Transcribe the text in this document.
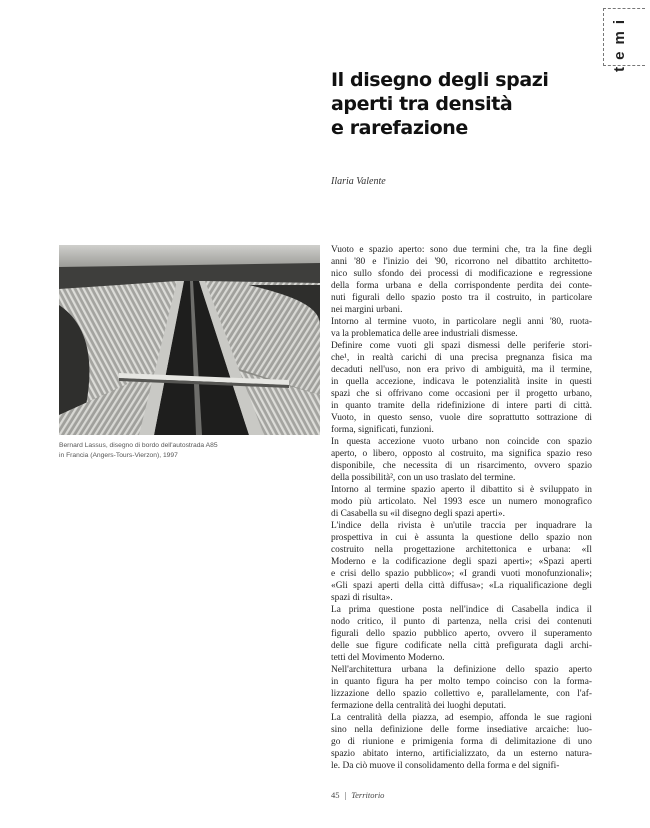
temi
Il disegno degli spazi
aperti tra densità
e rarefazione
Ilaria Valente
Bernard Lassus, disegno di bordo dell'autostrada A85
in Francia (Angers-Tours-Vierzon), 1997
Vuoto e spazio aperto: sono due termini che, tra la fine degli
anni '80 e l'inizio dei '90, ricorrono nel dibattito architetto-
nico sullo sfondo dei processi di modificazione e regressione
della forma urbana e della corrispondente perdita dei conte-
nuti figurali dello spazio posto tra il costruito, in particolare
nei margini urbani.
Intorno al termine vuoto, in particolare negli anni '80, ruota-
va la problematica delle aree industriali dismesse.
Definire come vuoti gli spazi dismessi delle periferie stori-
che¹, in realtà carichi di una precisa pregnanza fisica ma
decaduti nell'uso, non era privo di ambiguità, ma il termine,
in quella accezione, indicava le potenzialità insite in questi
spazi che si offrivano come occasioni per il progetto urbano,
in quanto tramite della ridefinizione di intere parti di città.
Vuoto, in questo senso, vuole dire soprattutto sottrazione di
forma, significati, funzioni.
In questa accezione vuoto urbano non coincide con spazio
aperto, o libero, opposto al costruito, ma significa spazio reso
disponibile, che necessita di un risarcimento, ovvero spazio
della possibilità², con un uso traslato del termine.
Intorno al termine spazio aperto il dibattito si è sviluppato in
modo più articolato. Nel 1993 esce un numero monografico
di Casabella su «il disegno degli spazi aperti».
L'indice della rivista è un'utile traccia per inquadrare la
prospettiva in cui è assunta la questione dello spazio non
costruito nella progettazione architettonica e urbana: «Il
Moderno e la codificazione degli spazi aperti»; «Spazi aperti
e crisi dello spazio pubblico»; «I grandi vuoti monofunzionali»;
«Gli spazi aperti della città diffusa»; «La riqualificazione degli
spazi di risulta».
La prima questione posta nell'indice di Casabella indica il
nodo critico, il punto di partenza, nella crisi dei contenuti
figurali dello spazio pubblico aperto, ovvero il superamento
delle sue figure codificate nella città prefigurata dagli archi-
tetti del Movimento Moderno.
Nell'architettura urbana la definizione dello spazio aperto
in quanto figura ha per molto tempo coinciso con la forma-
lizzazione dello spazio collettivo e, parallelamente, con l'af-
fermazione della centralità dei luoghi deputati.
La centralità della piazza, ad esempio, affonda le sue ragioni
sino nella definizione delle forme insediative arcaiche: luo-
go di riunione e primigenia forma di delimitazione di uno
spazio abitato interno, artificializzato, da un esterno natura-
le. Da ciò muove il consolidamento della forma e del signifi-
45 | Territorio
